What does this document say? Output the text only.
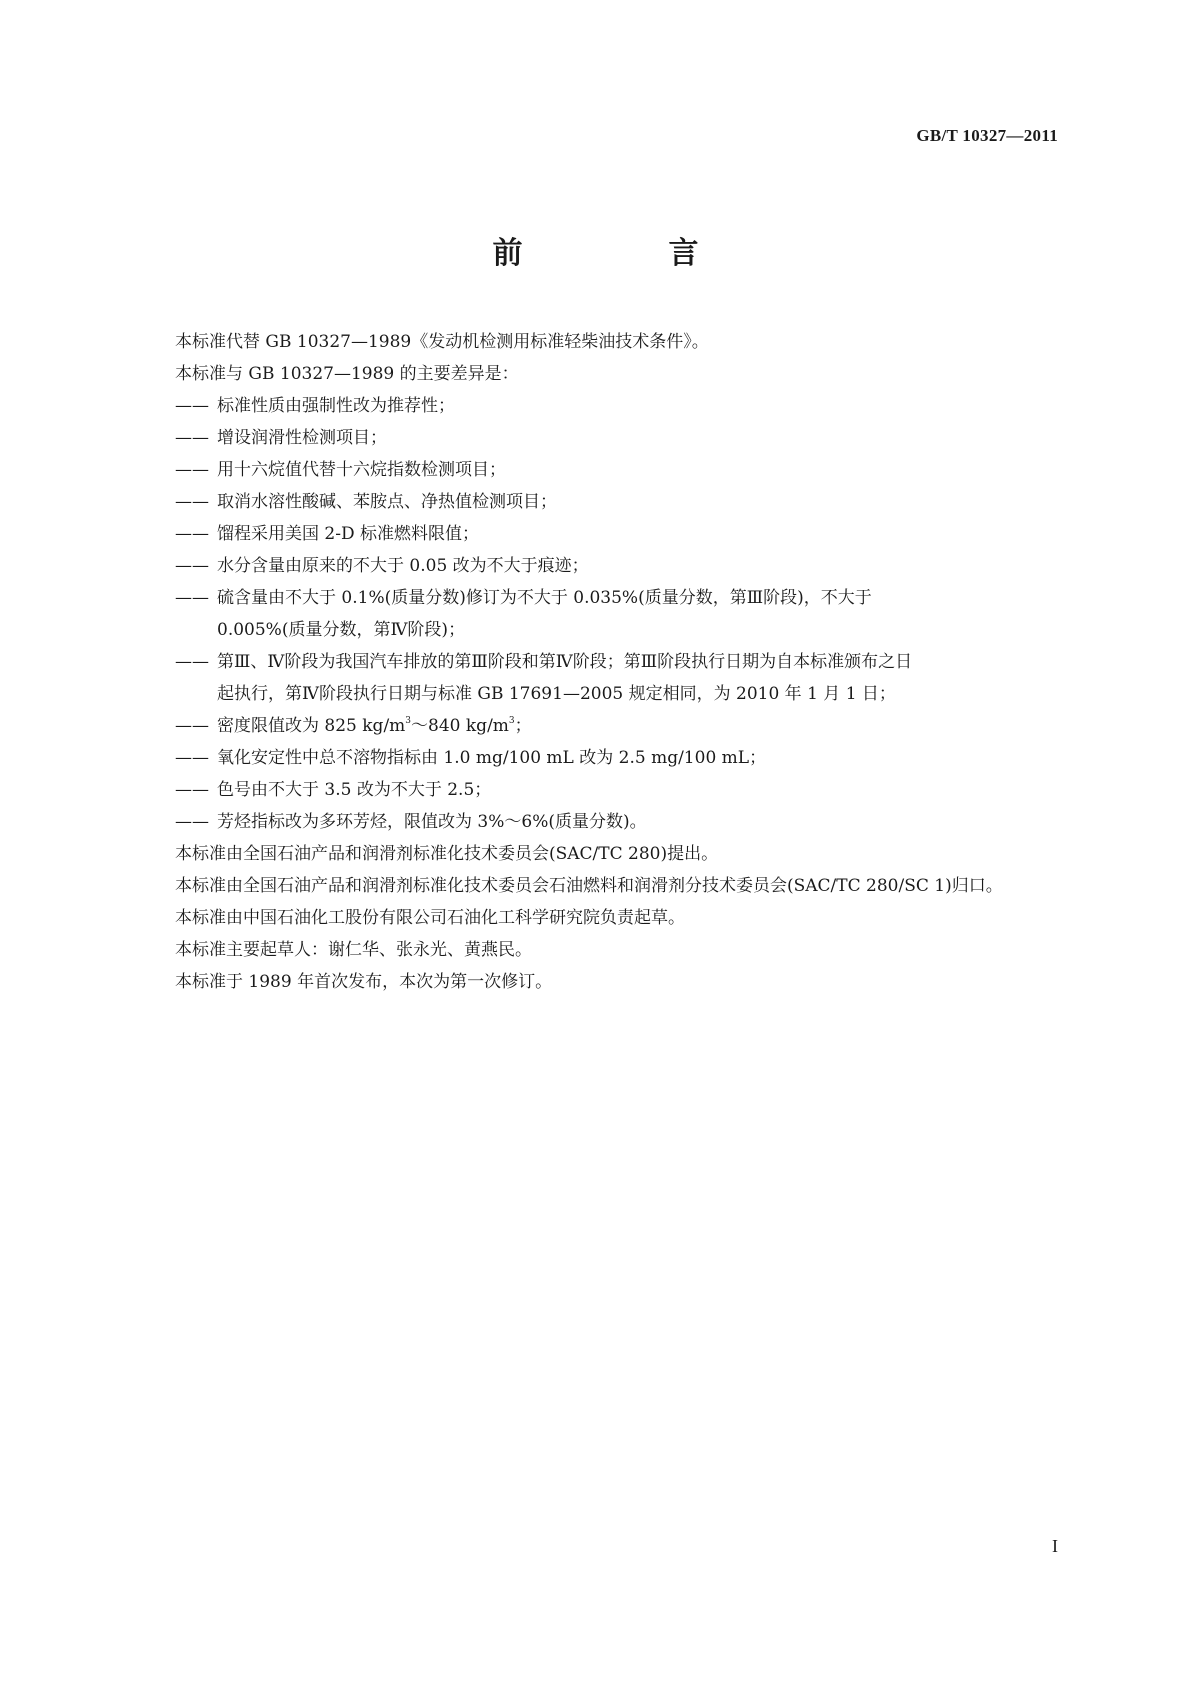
GB/T 10327—2011
前　言
本标准代替 GB 10327—1989《发动机检测用标准轻柴油技术条件》。
本标准与 GB 10327—1989 的主要差异是：
—— 标准性质由强制性改为推荐性；
—— 增设润滑性检测项目；
—— 用十六烷值代替十六烷指数检测项目；
—— 取消水溶性酸碱、苯胺点、净热值检测项目；
—— 馏程采用美国 2-D 标准燃料限值；
—— 水分含量由原来的不大于 0.05 改为不大于痕迹；
—— 硫含量由不大于 0.1%(质量分数)修订为不大于 0.035%(质量分数，第Ⅲ阶段)，不大于
0.005%(质量分数，第Ⅳ阶段)；
—— 第Ⅲ、Ⅳ阶段为我国汽车排放的第Ⅲ阶段和第Ⅳ阶段；第Ⅲ阶段执行日期为自本标准颁布之日
起执行，第Ⅳ阶段执行日期与标准 GB 17691—2005 规定相同，为 2010 年 1 月 1 日；
—— 密度限值改为 825 $kg/m^3\sim 840$ $kg/m^3$；
—— 氧化安定性中总不溶物指标由 1.0 mg/100 mL 改为 2.5 mg/100 mL；
—— 色号由不大于 3.5 改为不大于 2.5；
—— 芳烃指标改为多环芳烃，限值改为 3%～6%(质量分数)。
本标准由全国石油产品和润滑剂标准化技术委员会(SAC/TC 280)提出。
本标准由全国石油产品和润滑剂标准化技术委员会石油燃料和润滑剂分技术委员会(SAC/TC 280/SC 1)归口。
本标准由中国石油化工股份有限公司石油化工科学研究院负责起草。
本标准主要起草人：谢仁华、张永光、黄燕民。
本标准于 1989 年首次发布，本次为第一次修订。
I
